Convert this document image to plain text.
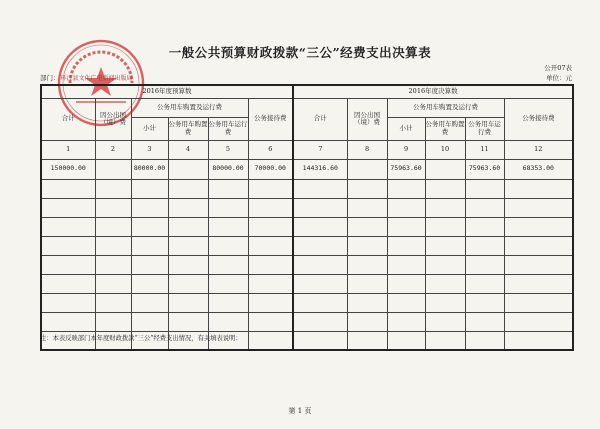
一般公共预算财政拨款“三公”经费支出决算表
公开07表
单位：元
部门：环江县文化广电新闻出版局
2016年度预算数						2016年度决算数					
合计	因公出国（境）费	公务用车购置及运行费			公务接待费	合计	因公出国（境）费	公务用车购置及运行费			公务接待费
		小计	公务用车购置费	公务用车运行费				小计	公务用车购置费	公务用车运行费	
1	2	3	4	5	6	7	8	9	10	11	12
150000.00		80000.00		80000.00	70000.00	144316.60		75963.60		75963.60	68353.00

注：本表反映部门本年度财政拨款“三公”经费支出情况，有关填表说明：
第 1 页
